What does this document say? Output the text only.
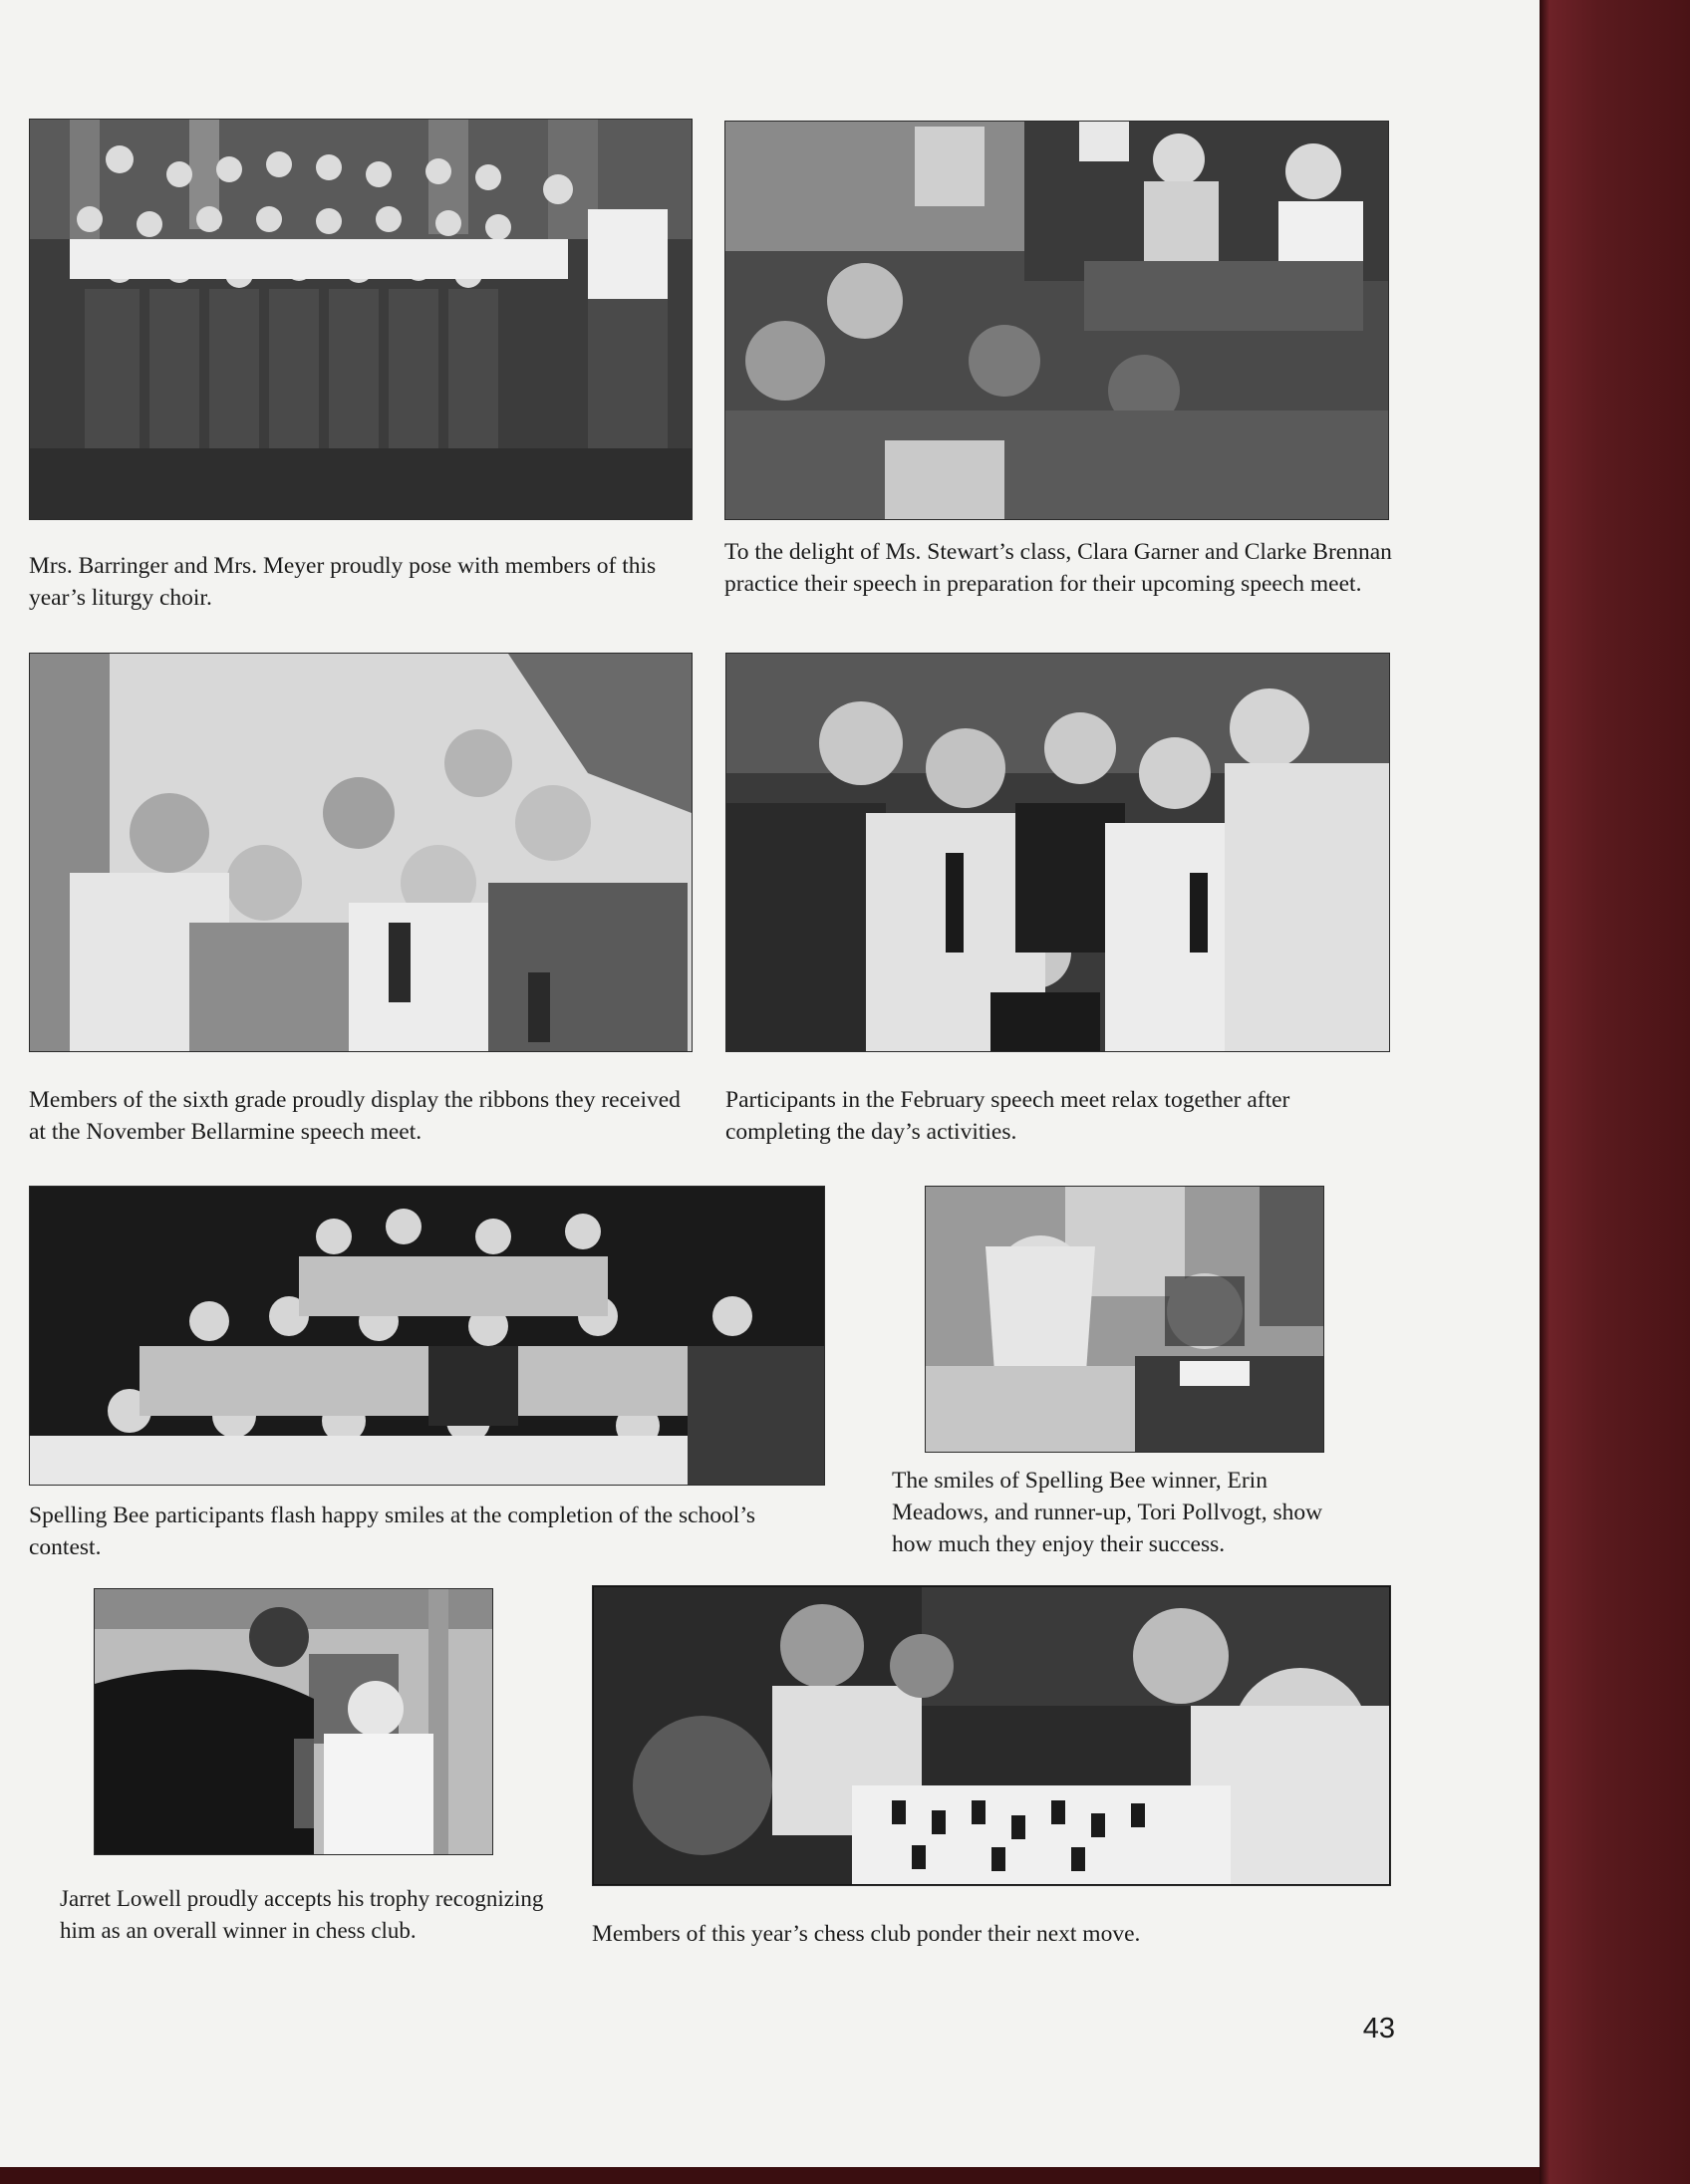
Mrs. Barringer and Mrs. Meyer proudly pose with members of this year’s liturgy choir.

To the delight of Ms. Stewart’s class, Clara Garner and Clarke Brennan practice their speech in preparation for their upcoming speech meet.

Members of the sixth grade proudly display the ribbons they received at the November Bellarmine speech meet.

Participants in the February speech meet relax together after completing the day’s activities.

Spelling Bee participants flash happy smiles at the completion of the school’s contest.

The smiles of Spelling Bee winner, Erin Meadows, and runner-up, Tori Pollvogt, show how much they enjoy their success.

Jarret Lowell proudly accepts his trophy recognizing him as an overall winner in chess club.	Members of this year’s chess club ponder their next move.

43
